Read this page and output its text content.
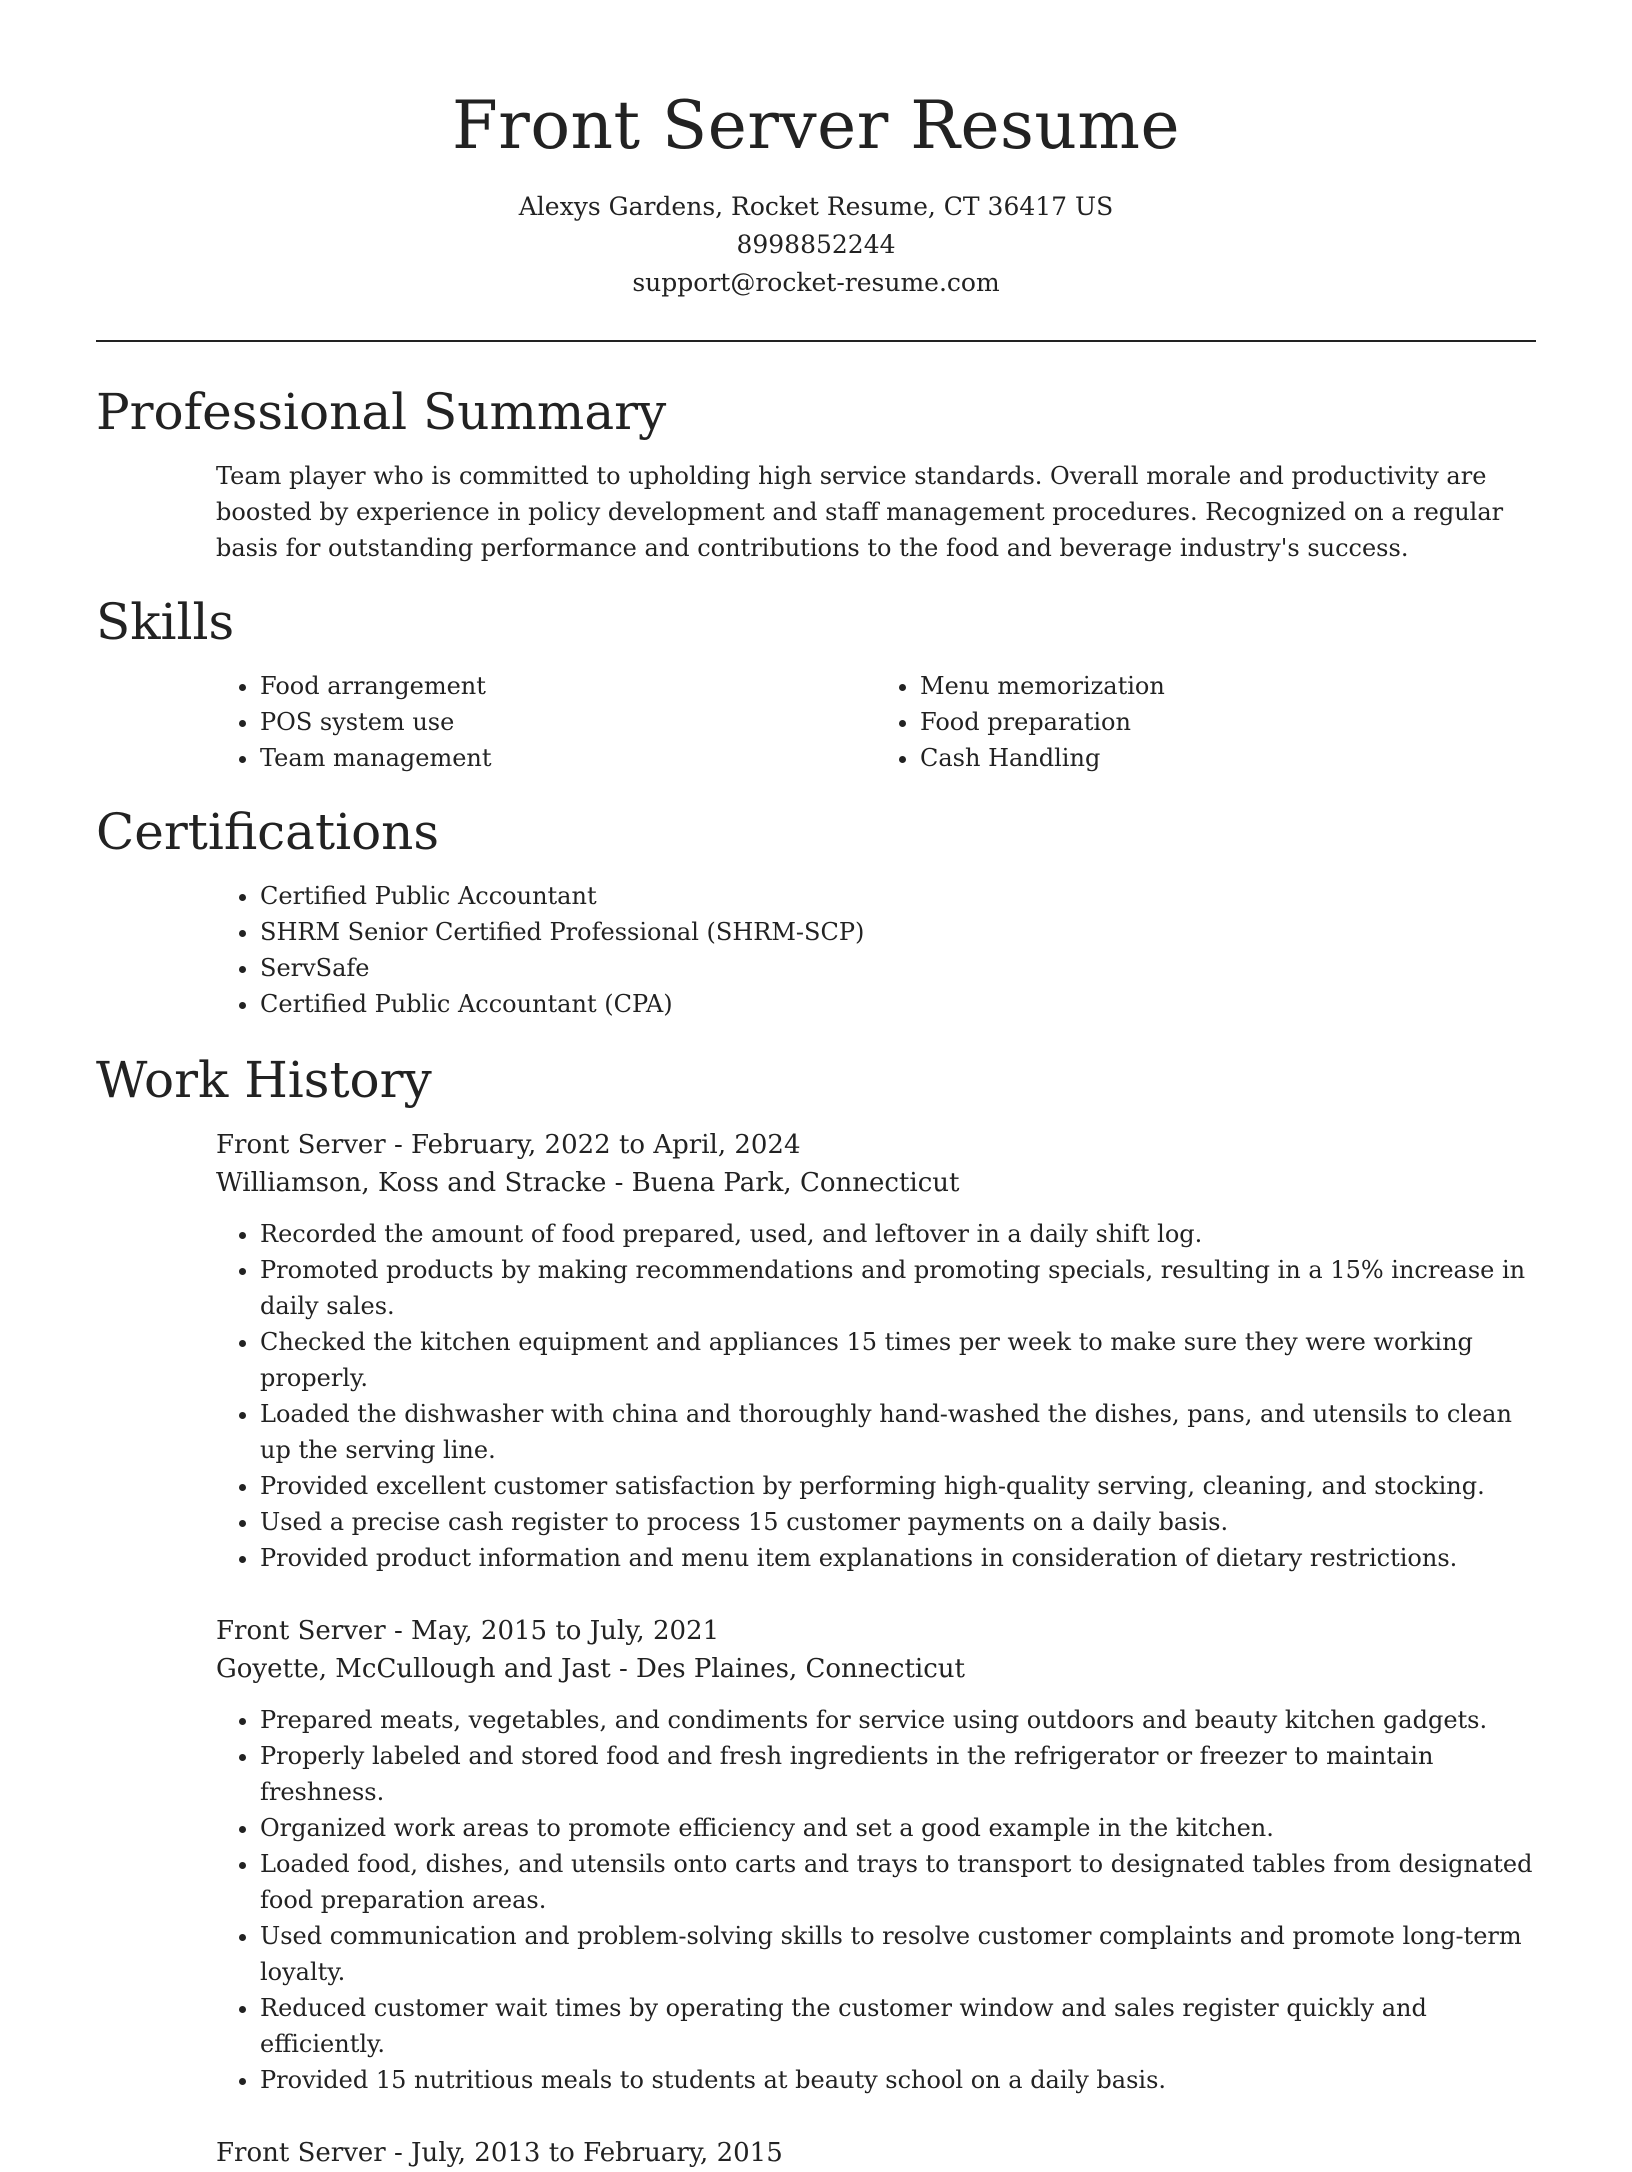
Front Server Resume

Alexys Gardens, Rocket Resume, CT 36417 US

8998852244

support@rocket-resume.com

Professional Summary

Team player who is committed to upholding high service standards. Overall morale and productivity are boosted by experience in policy development and staff management procedures. Recognized on a regular basis for outstanding performance and contributions to the food and beverage industry's success.

Skills
• Food arrangement
• POS system use
• Team management
• Menu memorization
• Food preparation
• Cash Handling
Certifications
• Certified Public Accountant
• SHRM Senior Certified Professional (SHRM-SCP)
• ServSafe
• Certified Public Accountant (CPA)
Work History

Front Server - February, 2022 to April, 2024

Williamson, Koss and Stracke - Buena Park, Connecticut

• Recorded the amount of food prepared, used, and leftover in a daily shift log.
• Promoted products by making recommendations and promoting specials, resulting in a 15% increase in daily sales.
• Checked the kitchen equipment and appliances 15 times per week to make sure they were working properly.
• Loaded the dishwasher with china and thoroughly hand-washed the dishes, pans, and utensils to clean up the serving line.
• Provided excellent customer satisfaction by performing high-quality serving, cleaning, and stocking.
• Used a precise cash register to process 15 customer payments on a daily basis.
• Provided product information and menu item explanations in consideration of dietary restrictions.

Front Server - May, 2015 to July, 2021

Goyette, McCullough and Jast - Des Plaines, Connecticut

• Prepared meats, vegetables, and condiments for service using outdoors and beauty kitchen gadgets.
• Properly labeled and stored food and fresh ingredients in the refrigerator or freezer to maintain freshness.
• Organized work areas to promote efficiency and set a good example in the kitchen.
• Loaded food, dishes, and utensils onto carts and trays to transport to designated tables from designated food preparation areas.
• Used communication and problem-solving skills to resolve customer complaints and promote long-term loyalty.
• Reduced customer wait times by operating the customer window and sales register quickly and efficiently.
• Provided 15 nutritious meals to students at beauty school on a daily basis.

Front Server - July, 2013 to February, 2015
